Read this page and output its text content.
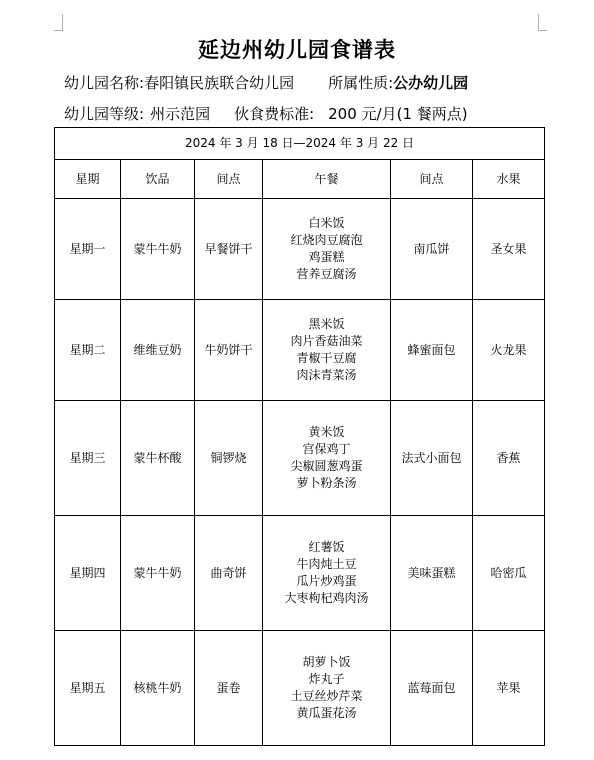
延边州幼儿园食谱表
幼儿园名称:春阳镇民族联合幼儿园 所属性质:公办幼儿园
幼儿园等级: 州示范园 伙食费标准: 200 元/月(1 餐两点)
2024 年 3 月 18 日—2024 年 3 月 22 日					
星期	饮品	间点	午餐	间点	水果
星期一	蒙牛牛奶	早餐饼干	白米饭
红烧肉豆腐泡
鸡蛋糕
营养豆腐汤	南瓜饼	圣女果
星期二	维维豆奶	牛奶饼干	黑米饭
肉片香菇油菜
青椒干豆腐
肉沫青菜汤	蜂蜜面包	火龙果
星期三	蒙牛杯酸	铜锣烧	黄米饭
宫保鸡丁
尖椒圆葱鸡蛋
萝卜粉条汤	法式小面包	香蕉
星期四	蒙牛牛奶	曲奇饼	红薯饭
牛肉炖土豆
瓜片炒鸡蛋
大枣枸杞鸡肉汤	美味蛋糕	哈密瓜
星期五	核桃牛奶	蛋卷	胡萝卜饭
炸丸子
土豆丝炒芹菜
黄瓜蛋花汤	蓝莓面包	苹果
